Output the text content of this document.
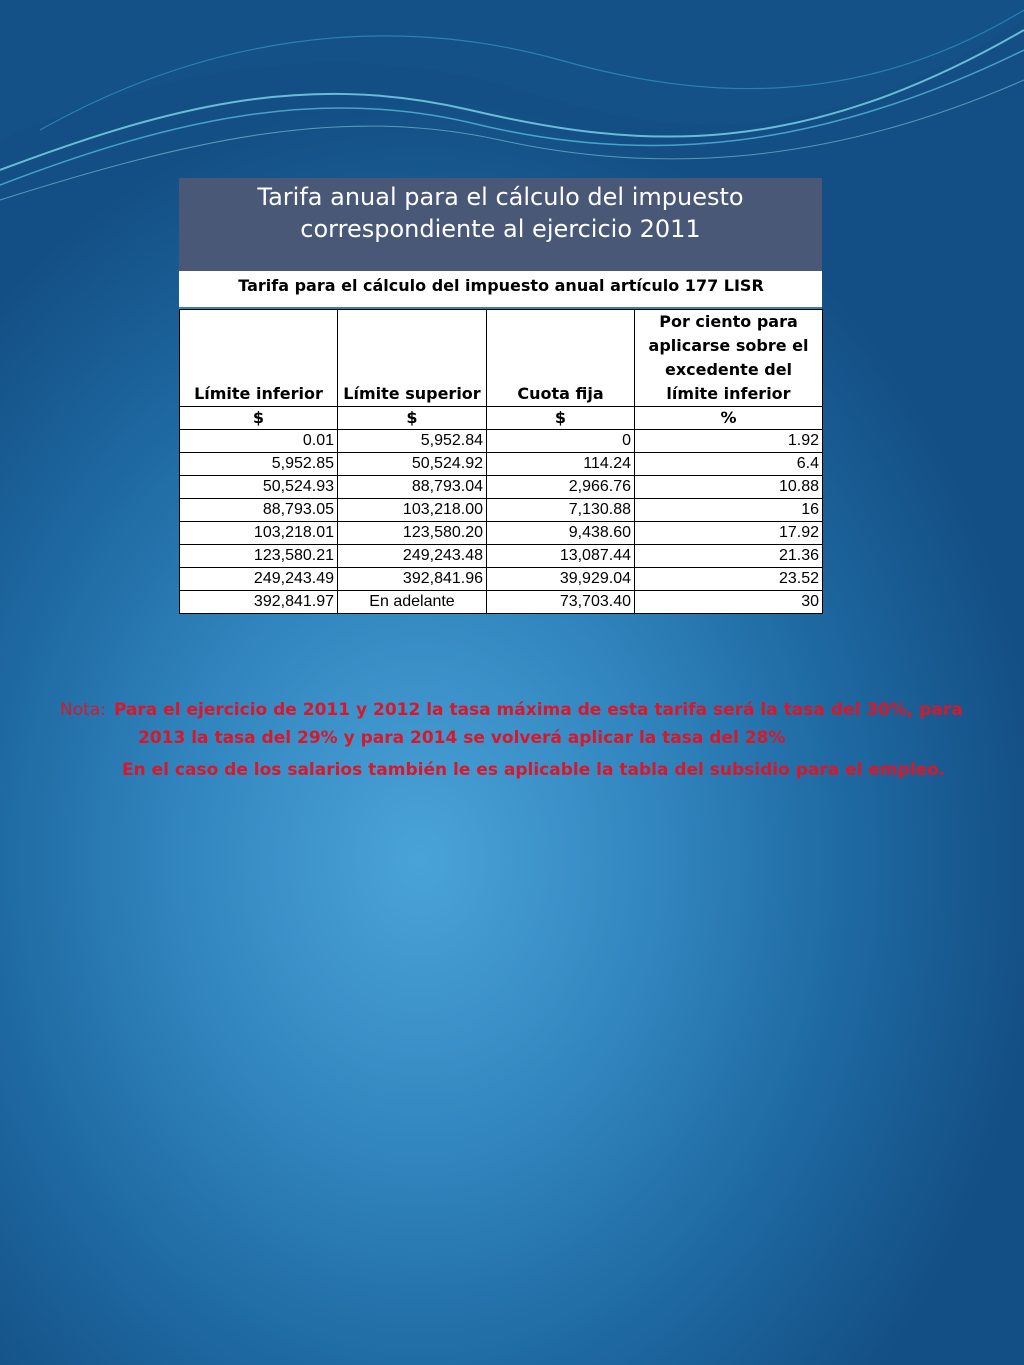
Tarifa anual para el cálculo del impuesto
correspondiente al ejercicio 2011
Tarifa para el cálculo del impuesto anual artículo 177 LISR
Límite inferior	Límite superior	Cuota fija	Por ciento para aplicarse sobre el excedente del límite inferior
$	$	$	%
0.01	5,952.84	0	1.92
5,952.85	50,524.92	114.24	6.4
50,524.93	88,793.04	2,966.76	10.88
88,793.05	103,218.00	7,130.88	16
103,218.01	123,580.20	9,438.60	17.92
123,580.21	249,243.48	13,087.44	21.36
249,243.49	392,841.96	39,929.04	23.52
392,841.97	En adelante	73,703.40	30
Nota: Para el ejercicio de 2011 y 2012 la tasa máxima de esta tarifa será la tasa del 30%, para
2013 la tasa del 29% y para 2014 se volverá aplicar la tasa del 28%
En el caso de los salarios también le es aplicable la tabla del subsidio para el empleo.
